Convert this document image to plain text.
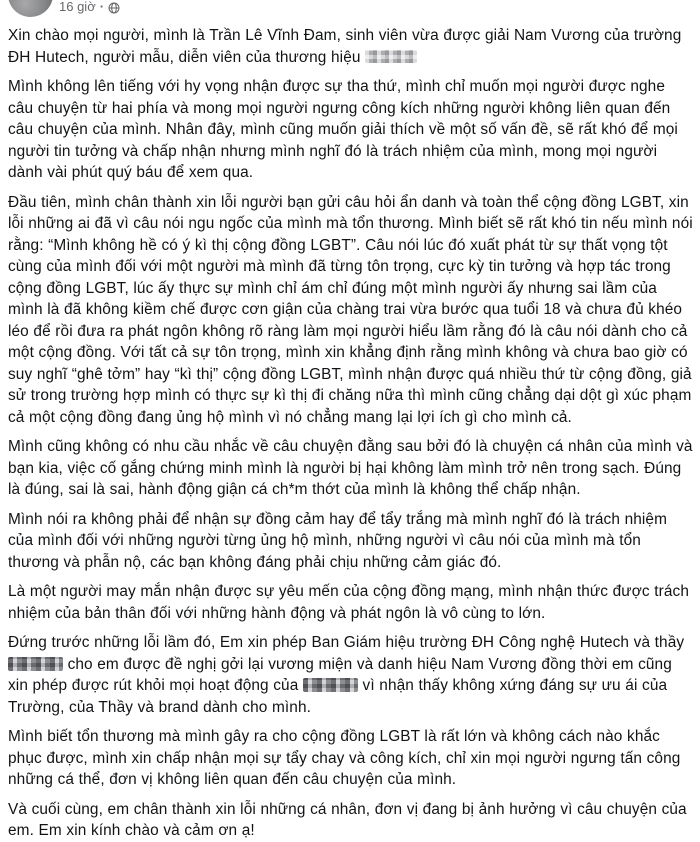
16 giờ ·

Xin chào mọi người, mình là Trần Lê Vĩnh Đam, sinh viên vừa được giải Nam Vương của trường ĐH Hutech, người mẫu, diễn viên của thương hiệu

Mình không lên tiếng với hy vọng nhận được sự tha thứ, mình chỉ muốn mọi người được nghe câu chuyện từ hai phía và mong mọi người ngưng công kích những người không liên quan đến câu chuyện của mình. Nhân đây, mình cũng muốn giải thích về một số vấn đề, sẽ rất khó để mọi người tin tưởng và chấp nhận nhưng mình nghĩ đó là trách nhiệm của mình, mong mọi người dành vài phút quý báu để xem qua.

Đầu tiên, mình chân thành xin lỗi người bạn gửi câu hỏi ẩn danh và toàn thể cộng đồng LGBT, xin lỗi những ai đã vì câu nói ngu ngốc của mình mà tổn thương. Mình biết sẽ rất khó tin nếu mình nói rằng: “Mình không hề có ý kì thị cộng đồng LGBT”. Câu nói lúc đó xuất phát từ sự thất vọng tột cùng của mình đối với một người mà mình đã từng tôn trọng, cực kỳ tin tưởng và hợp tác trong cộng đồng LGBT, lúc ấy thực sự mình chỉ ám chỉ đúng một mình người ấy nhưng sai lầm của mình là đã không kiềm chế được cơn giận của chàng trai vừa bước qua tuổi 18 và chưa đủ khéo léo để rồi đưa ra phát ngôn không rõ ràng làm mọi người hiểu lầm rằng đó là câu nói dành cho cả một cộng đồng. Với tất cả sự tôn trọng, mình xin khẳng định rằng mình không và chưa bao giờ có suy nghĩ “ghê tởm” hay “kì thị” cộng đồng LGBT, mình nhận được quá nhiều thứ từ cộng đồng, giả sử trong trường hợp mình có thực sự kì thị đi chăng nữa thì mình cũng chẳng dại dột gì xúc phạm cả một cộng đồng đang ủng hộ mình vì nó chẳng mang lại lợi ích gì cho mình cả.

Mình cũng không có nhu cầu nhắc về câu chuyện đằng sau bởi đó là chuyện cá nhân của mình và bạn kia, việc cố gắng chứng minh mình là người bị hại không làm mình trở nên trong sạch. Đúng là đúng, sai là sai, hành động giận cá ch*m thớt của mình là không thể chấp nhận.

Mình nói ra không phải để nhận sự đồng cảm hay để tẩy trắng mà mình nghĩ đó là trách nhiệm của mình đối với những người từng ủng hộ mình, những người vì câu nói của mình mà tổn thương và phẫn nộ, các bạn không đáng phải chịu những cảm giác đó.

Là một người may mắn nhận được sự yêu mến của cộng đồng mạng, mình nhận thức được trách nhiệm của bản thân đối với những hành động và phát ngôn là vô cùng to lớn.

Đứng trước những lỗi lầm đó, Em xin phép Ban Giám hiệu trường ĐH Công nghệ Hutech và thầy  cho em được đề nghị gởi lại vương miện và danh hiệu Nam Vương đồng thời em cũng xin phép được rút khỏi mọi hoạt động của	vì nhận thấy không xứng đáng sự ưu ái của Trường, của Thầy và brand dành cho mình.

Mình biết tổn thương mà mình gây ra cho cộng đồng LGBT là rất lớn và không cách nào khắc phục được, mình xin chấp nhận mọi sự tẩy chay và công kích, chỉ xin mọi người ngưng tấn công những cá thể, đơn vị không liên quan đến câu chuyện của mình.

Và cuối cùng, em chân thành xin lỗi những cá nhân, đơn vị đang bị ảnh hưởng vì câu chuyện của em. Em xin kính chào và cảm ơn ạ!
